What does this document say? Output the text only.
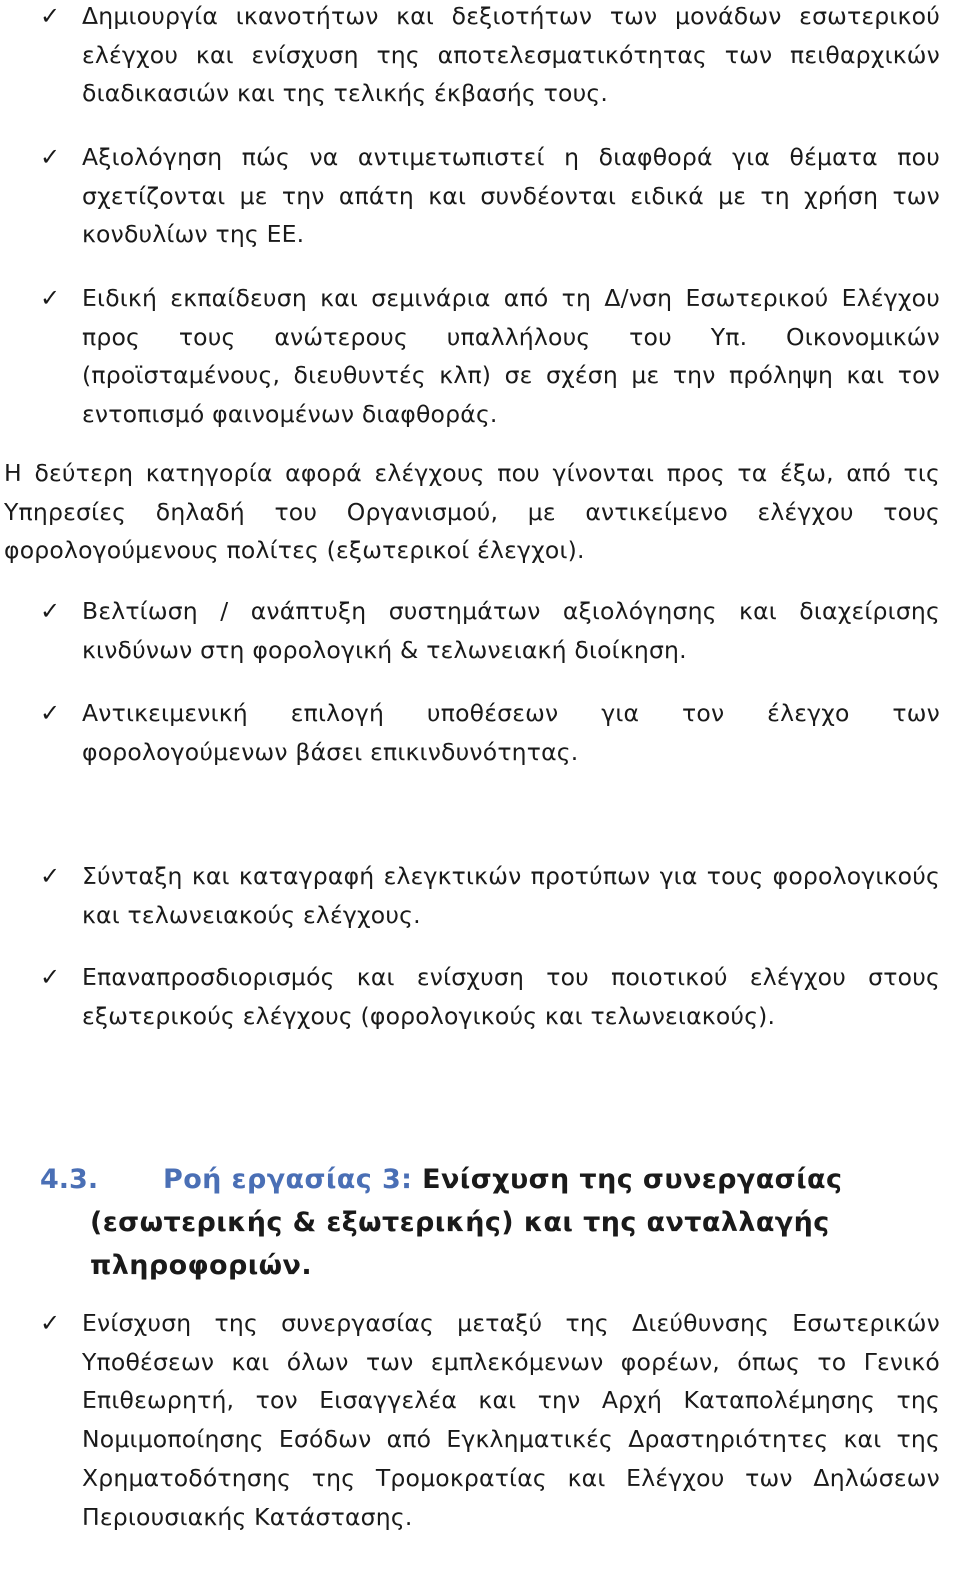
✓ Δημιουργία ικανοτήτων και δεξιοτήτων των μονάδων εσωτερικού ελέγχου και ενίσχυση της αποτελεσματικότητας των πειθαρχικών διαδικασιών και της τελικής έκβασής τους.

✓ Αξιολόγηση πώς να αντιμετωπιστεί η διαφθορά για θέματα που σχετίζονται με την απάτη και συνδέονται ειδικά με τη χρήση των κονδυλίων της ΕΕ.

✓ Ειδική εκπαίδευση και σεμινάρια από τη Δ/νση Εσωτερικού Ελέγχου προς τους ανώτερους υπαλλήλους του Υπ. Οικονομικών (προϊσταμένους, διευθυντές κλπ) σε σχέση με την πρόληψη και τον εντοπισμό φαινομένων διαφθοράς.

Η δεύτερη κατηγορία αφορά ελέγχους που γίνονται προς τα έξω, από τις Υπηρεσίες δηλαδή του Οργανισμού, με αντικείμενο ελέγχου τους φορολογούμενους πολίτες (εξωτερικοί έλεγχοι).

✓ Βελτίωση / ανάπτυξη συστημάτων αξιολόγησης και διαχείρισης κινδύνων στη φορολογική & τελωνειακή διοίκηση.

✓ Αντικειμενική επιλογή υποθέσεων για τον έλεγχο των φορολογούμενων βάσει επικινδυνότητας.

✓ Σύνταξη και καταγραφή ελεγκτικών προτύπων για τους φορολογικούς και τελωνειακούς ελέγχους.

✓ Επαναπροσδιορισμός και ενίσχυση του ποιοτικού ελέγχου στους εξωτερικούς ελέγχους (φορολογικούς και τελωνειακούς).

4.3.	Ροή εργασίας 3: Ενίσχυση της συνεργασίας (εσωτερικής & εξωτερικής) και της ανταλλαγής πληροφοριών.

✓ Ενίσχυση της συνεργασίας μεταξύ της Διεύθυνσης Εσωτερικών Υποθέσεων και όλων των εμπλεκόμενων φορέων, όπως το Γενικό Επιθεωρητή, τον Εισαγγελέα και την Αρχή Καταπολέμησης της Νομιμοποίησης Εσόδων από Εγκληματικές Δραστηριότητες και της Χρηματοδότησης της Τρομοκρατίας και Ελέγχου των Δηλώσεων Περιουσιακής Κατάστασης.
